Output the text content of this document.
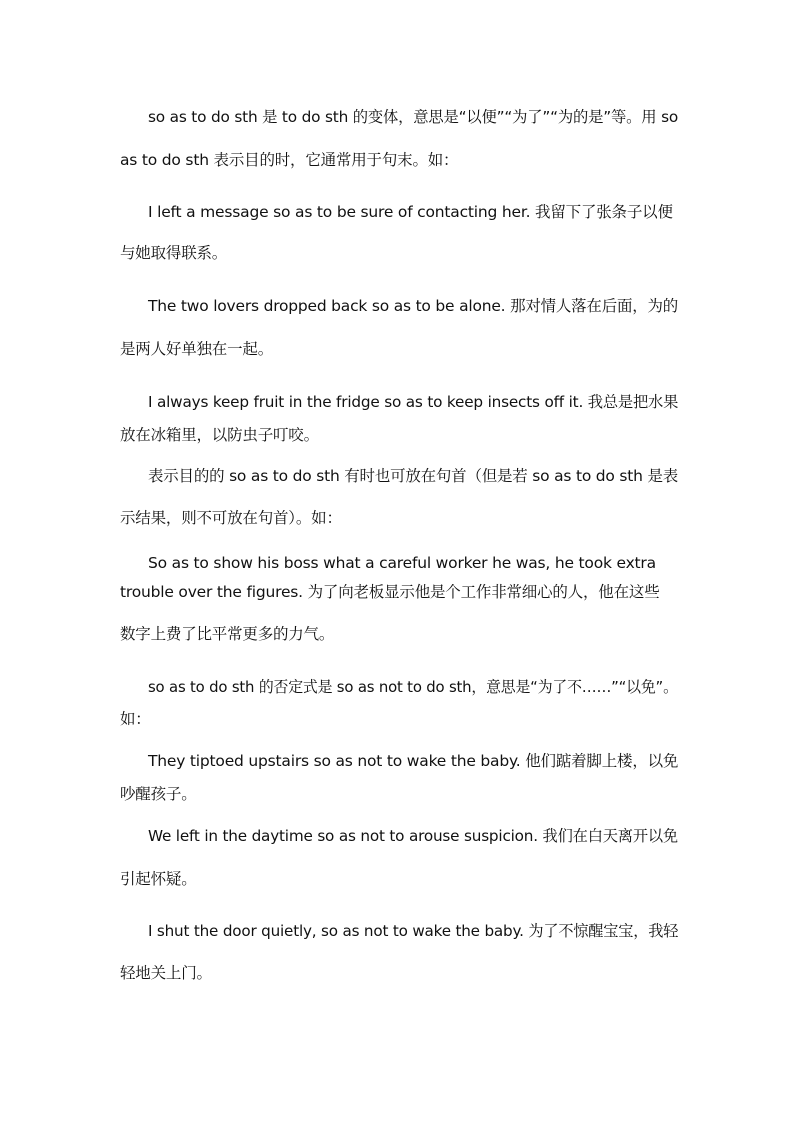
so as to do sth 是 to do sth 的变体，意思是“以便”“为了”“为的是”等。用 so

as to do sth 表示目的时，它通常用于句末。如：

I left a message so as to be sure of contacting her. 我留下了张条子以便

与她取得联系。

The two lovers dropped back so as to be alone. 那对情人落在后面，为的

是两人好单独在一起。

I always keep fruit in the fridge so as to keep insects off it. 我总是把水果

放在冰箱里，以防虫子叮咬。

表示目的的 so as to do sth 有时也可放在句首（但是若 so as to do sth 是表

示结果，则不可放在句首）。如：

So as to show his boss what a careful worker he was, he took extra

trouble over the figures. 为了向老板显示他是个工作非常细心的人，他在这些

数字上费了比平常更多的力气。

so as to do sth 的否定式是 so as not to do sth，意思是“为了不……”“以免”。

如：

They tiptoed upstairs so as not to wake the baby. 他们踮着脚上楼，以免

吵醒孩子。

We left in the daytime so as not to arouse suspicion. 我们在白天离开以免

引起怀疑。

I shut the door quietly, so as not to wake the baby. 为了不惊醒宝宝，我轻

轻地关上门。
